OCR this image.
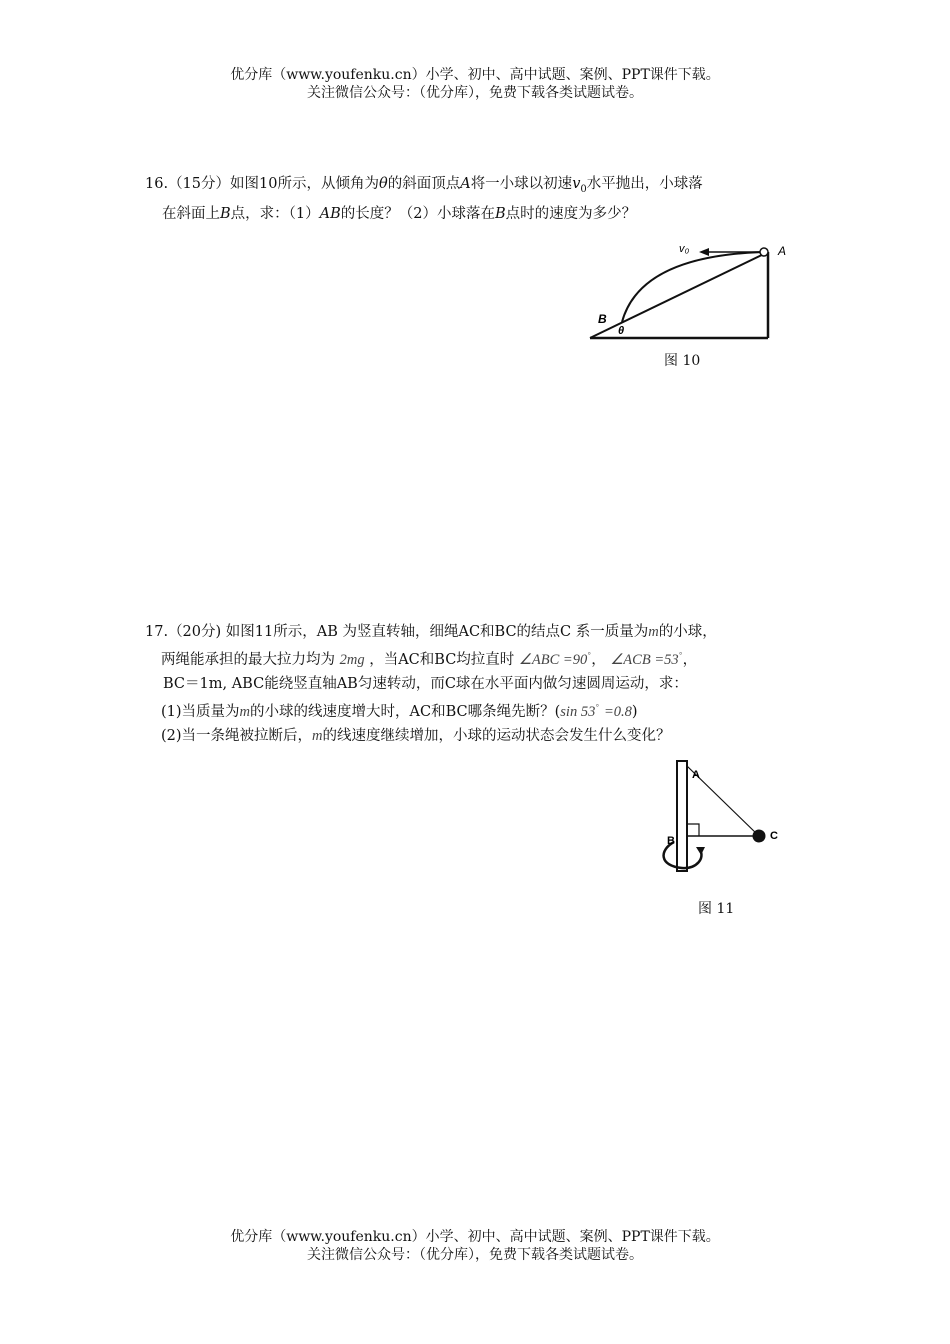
优分库（www.youfenku.cn）小学、初中、高中试题、案例、PPT课件下载。
关注微信公众号：（优分库），免费下载各类试题试卷。
16.（15分）如图10所示，从倾角为θ的斜面顶点A将一小球以初速$v_0$水平抛出，小球落
在斜面上B点，求：（1）AB的长度？（2）小球落在B点时的速度为多少？
v₀	A
B
θ
图 10
17.（20分) 如图11所示，AB 为竖直转轴，细绳AC和BC的结点C 系一质量为m的小球，
两绳能承担的最大拉力均为 2mg ，当AC和BC均拉直时 ∠ABC =90°， ∠ACB =53°，
BC＝1m, ABC能绕竖直轴AB匀速转动，而C球在水平面内做匀速圆周运动，求：
(1)当质量为m的小球的线速度增大时，AC和BC哪条绳先断？(sin 53° =0.8)
(2)当一条绳被拉断后，m的线速度继续增加，小球的运动状态会发生什么变化？
A
B	C
图 11
优分库（www.youfenku.cn）小学、初中、高中试题、案例、PPT课件下载。
关注微信公众号：（优分库），免费下载各类试题试卷。
